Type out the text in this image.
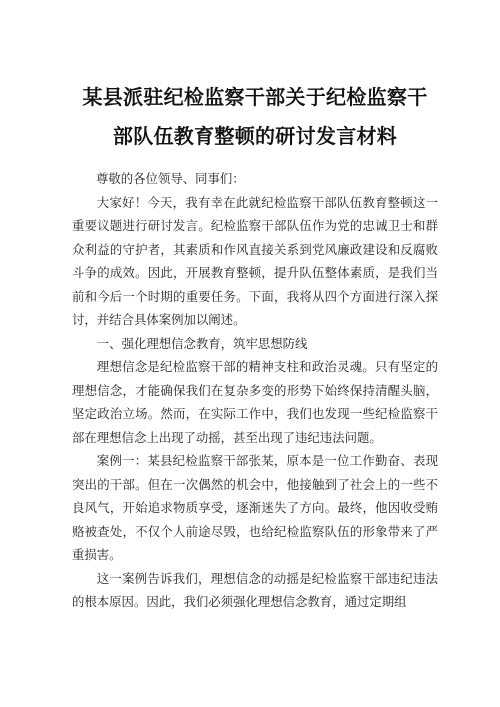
某县派驻纪检监察干部关于纪检监察干
部队伍教育整顿的研讨发言材料

尊敬的各位领导、同事们：

大家好！今天，我有幸在此就纪检监察干部队伍教育整顿这一重要议题进行研讨发言。纪检监察干部队伍作为党的忠诚卫士和群众利益的守护者，其素质和作风直接关系到党风廉政建设和反腐败斗争的成效。因此，开展教育整顿，提升队伍整体素质，是我们当前和今后一个时期的重要任务。下面，我将从四个方面进行深入探讨，并结合具体案例加以阐述。

一、强化理想信念教育，筑牢思想防线

理想信念是纪检监察干部的精神支柱和政治灵魂。只有坚定的理想信念，才能确保我们在复杂多变的形势下始终保持清醒头脑，坚定政治立场。然而，在实际工作中，我们也发现一些纪检监察干部在理想信念上出现了动摇，甚至出现了违纪违法问题。

案例一：某县纪检监察干部张某，原本是一位工作勤奋、表现突出的干部。但在一次偶然的机会中，他接触到了社会上的一些不良风气，开始追求物质享受，逐渐迷失了方向。最终，他因收受贿赂被查处，不仅个人前途尽毁，也给纪检监察队伍的形象带来了严重损害。

这一案例告诉我们，理想信念的动摇是纪检监察干部违纪违法的根本原因。因此，我们必须强化理想信念教育，通过定期组
